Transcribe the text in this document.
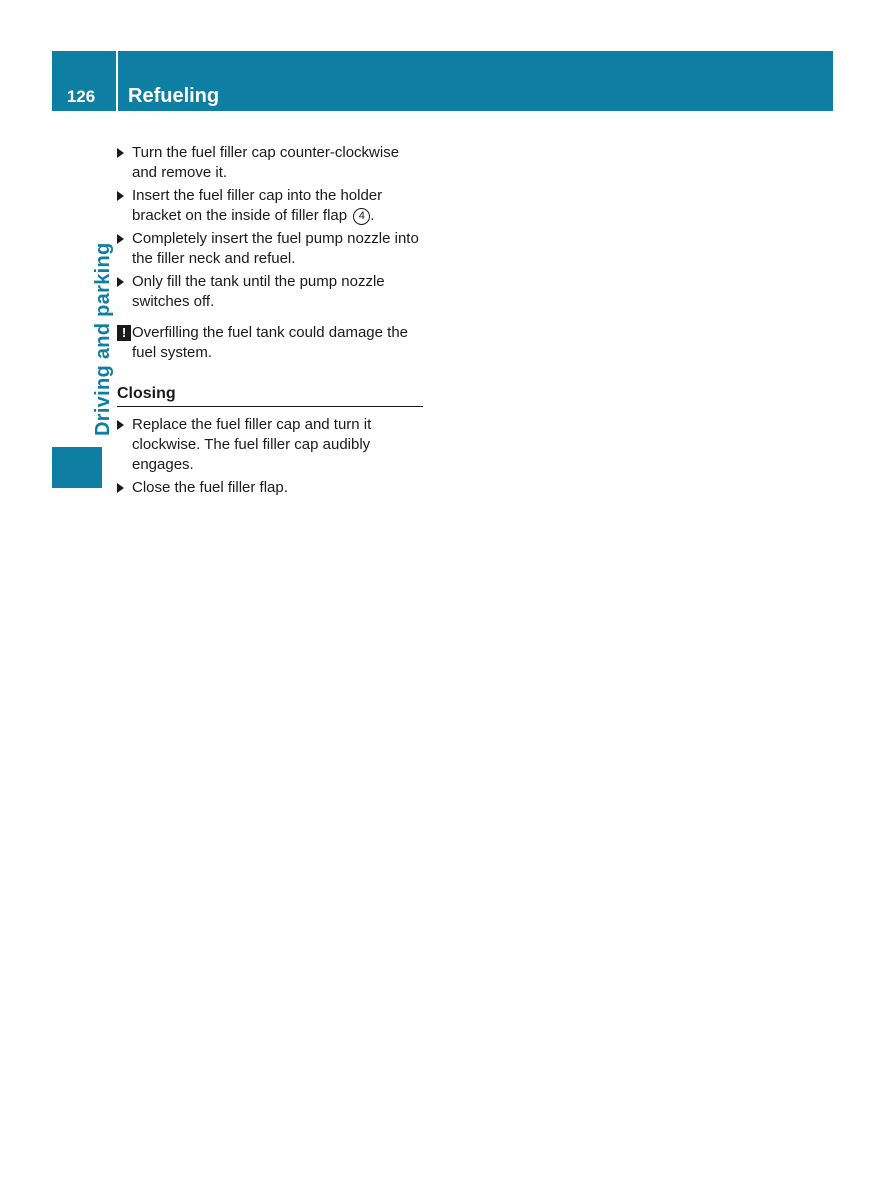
126	Refueling
Driving and parking
Turn the fuel filler cap counter-clockwise and remove it.
Insert the fuel filler cap into the holder bracket on the inside of filler flap 4 .
Completely insert the fuel pump nozzle into the filler neck and refuel.
Only fill the tank until the pump nozzle switches off.
! Overfilling the fuel tank could damage the fuel system.
Closing
Replace the fuel filler cap and turn it clockwise. The fuel filler cap audibly engages.
Close the fuel filler flap.
